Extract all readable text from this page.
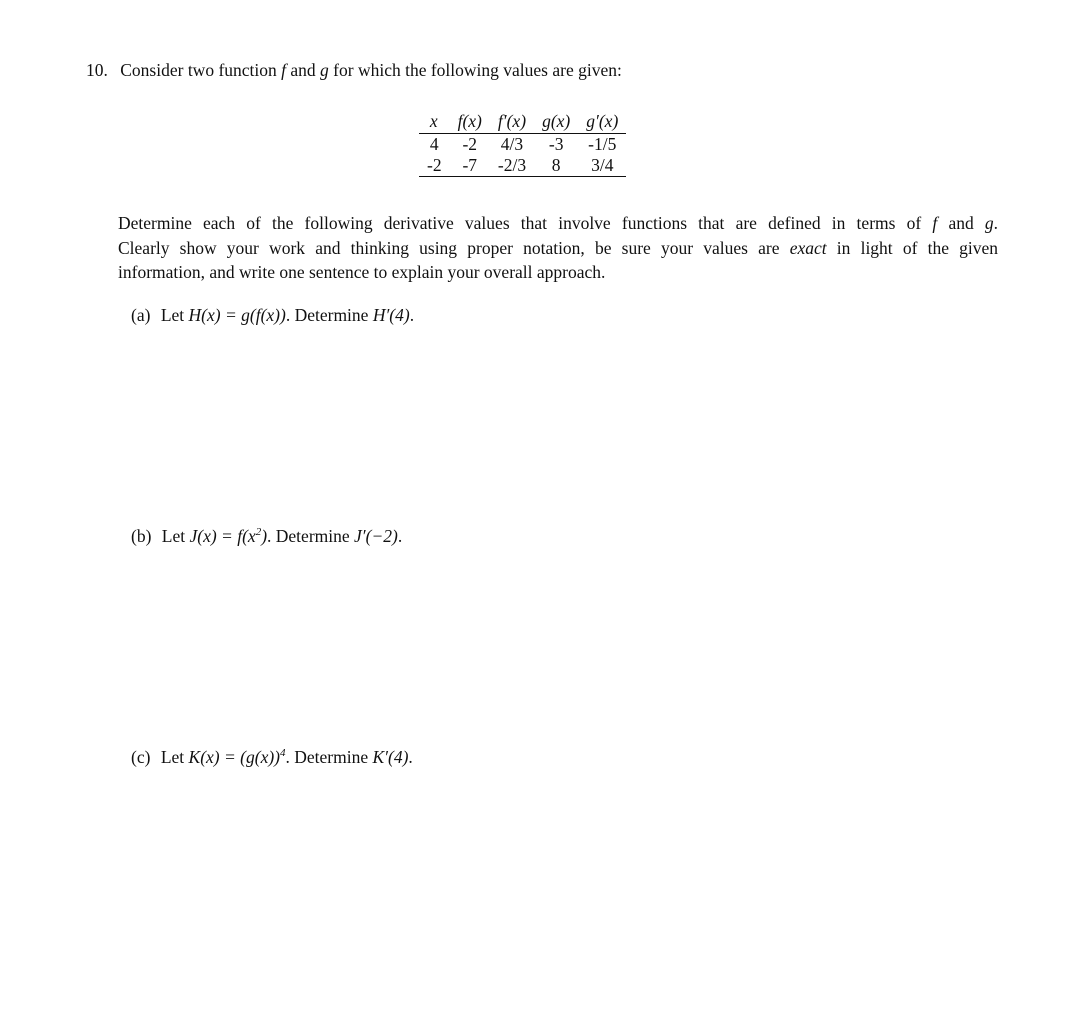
10. Consider two function f and g for which the following values are given:
x	f(x)	f′(x)	g(x)	g′(x)
4	-2	4/3	-3	-1/5
-2	-7	-2/3	8	3/4
Determine each of the following derivative values that involve functions that are defined in terms of f and g.
Clearly show your work and thinking using proper notation, be sure your values are exact in light of the given
information, and write one sentence to explain your overall approach.
(a) Let H(x) = g(f(x)). Determine H′(4).
(b) Let $J(x) = f(x^2)$. Determine J′(−2).
(c) Let $K(x) = (g(x))^4$. Determine K′(4).
